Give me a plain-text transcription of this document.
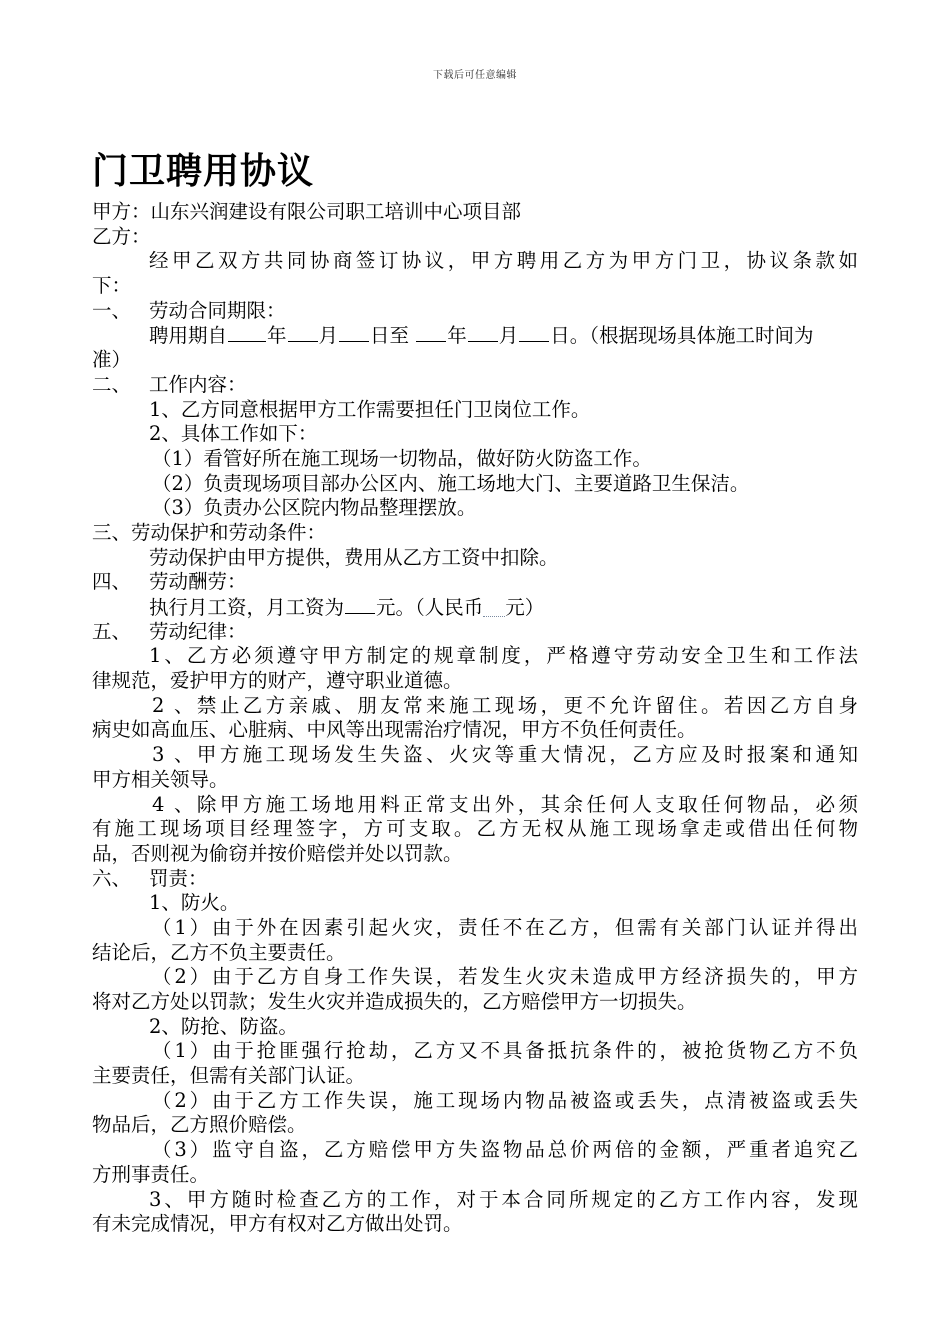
下载后可任意编辑
门卫聘用协议
甲方：山东兴润建设有限公司职工培训中心项目部
乙方：
经甲乙双方共同协商签订协议，甲方聘用乙方为甲方门卫，协议条款如
下：
一、 劳动合同期限：
聘用期自 年 月 日至 年 月 日。（根据现场具体施工时间为
准）
二、 工作内容：
1、乙方同意根据甲方工作需要担任门卫岗位工作。
2、具体工作如下：
（1）看管好所在施工现场一切物品，做好防火防盗工作。
（2）负责现场项目部办公区内、施工场地大门、主要道路卫生保洁。
（3）负责办公区院内物品整理摆放。
三、劳动保护和劳动条件：
劳动保护由甲方提供，费用从乙方工资中扣除。
四、 劳动酬劳：
执行月工资，月工资为 元。（人民币 元）
五、 劳动纪律：
1、乙方必须遵守甲方制定的规章制度，严格遵守劳动安全卫生和工作法
律规范，爱护甲方的财产，遵守职业道德。
2 、禁止乙方亲戚、朋友常来施工现场，更不允许留住。若因乙方自身
病史如高血压、心脏病、中风等出现需治疗情况，甲方不负任何责任。
3 、甲方施工现场发生失盗、火灾等重大情况，乙方应及时报案和通知
甲方相关领导。
4 、除甲方施工场地用料正常支出外，其余任何人支取任何物品，必须
有施工现场项目经理签字，方可支取。乙方无权从施工现场拿走或借出任何物
品，否则视为偷窃并按价赔偿并处以罚款。
六、 罚责：
1、防火。
（1）由于外在因素引起火灾，责任不在乙方，但需有关部门认证并得出
结论后，乙方不负主要责任。
（2）由于乙方自身工作失误，若发生火灾未造成甲方经济损失的，甲方
将对乙方处以罚款；发生火灾并造成损失的，乙方赔偿甲方一切损失。
2、防抢、防盗。
（1）由于抢匪强行抢劫，乙方又不具备抵抗条件的，被抢货物乙方不负
主要责任，但需有关部门认证。
（2）由于乙方工作失误，施工现场内物品被盗或丢失，点清被盗或丢失
物品后，乙方照价赔偿。
（3）监守自盗，乙方赔偿甲方失盗物品总价两倍的金额，严重者追究乙
方刑事责任。
3、甲方随时检查乙方的工作，对于本合同所规定的乙方工作内容，发现
有未完成情况，甲方有权对乙方做出处罚。
